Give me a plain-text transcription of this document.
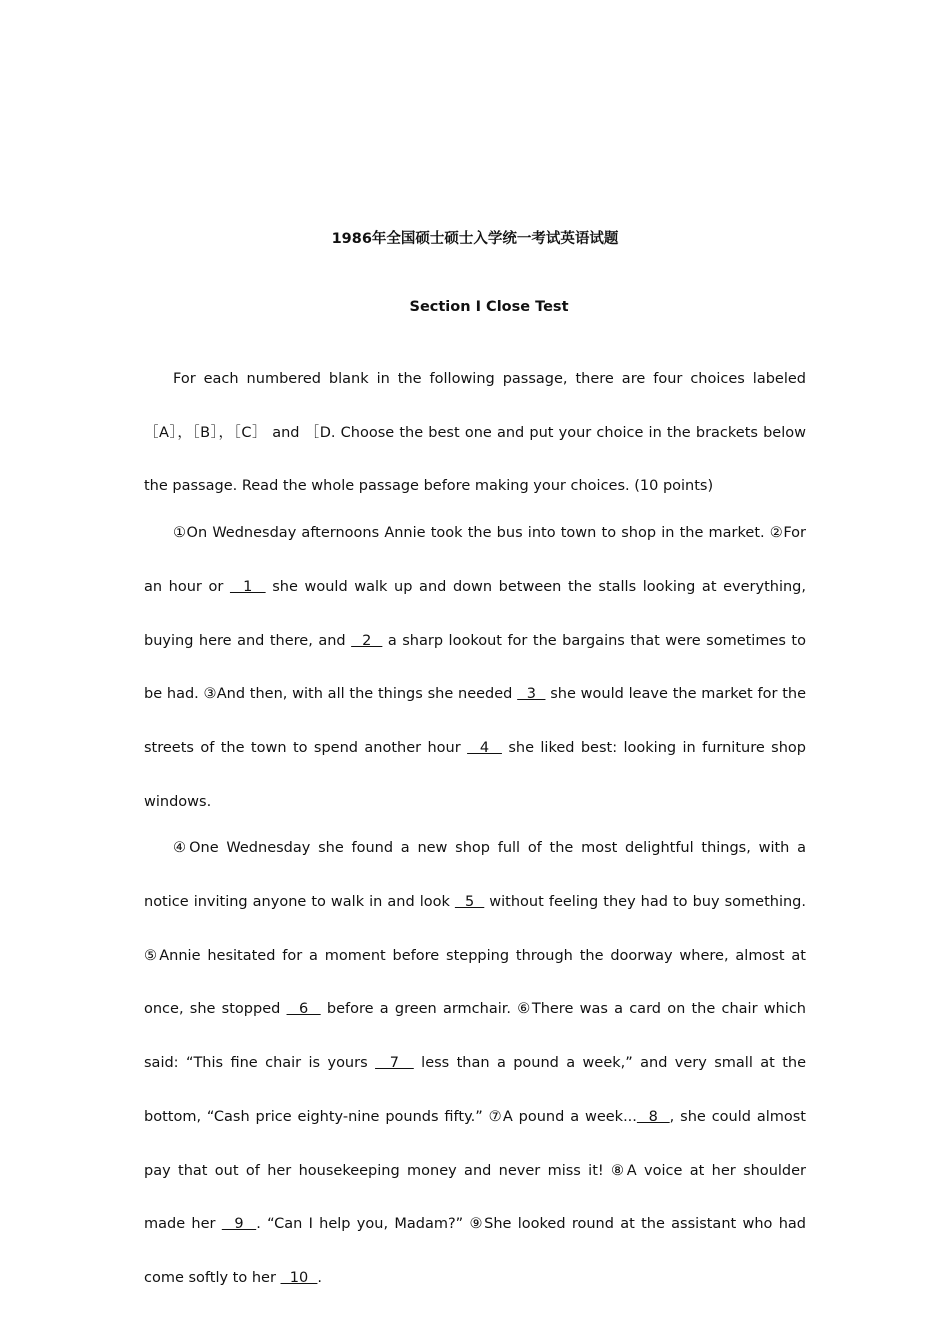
1986年全国硕士硕士入学统一考试英语试题
Section I Close Test

For each numbered blank in the following passage, there are four choices labeled ［A］，［B］，［C］ and ［D. Choose the best one and put your choice in the brackets below the passage. Read the whole passage before making your choices. (10 points)

①On Wednesday afternoons Annie took the bus into town to shop in the market. ②For an hour or   1   she would walk up and down between the stalls looking at everything, buying here and there, and   2   a sharp lookout for the bargains that were sometimes to be had. ③And then, with all the things she needed   3   she would leave the market for the streets of the town to spend another hour   4   she liked best: looking in furniture shop windows.

④One Wednesday she found a new shop full of the most delightful things, with a notice inviting anyone to walk in and look   5   without feeling they had to buy something. ⑤Annie hesitated for a moment before stepping through the doorway where, almost at once, she stopped   6   before a green armchair. ⑥There was a card on the chair which said: “This fine chair is yours   7   less than a pound a week,” and very small at the bottom, “Cash price eighty-nine pounds fifty.” ⑦A pound a week...  8  , she could almost pay that out of her housekeeping money and never miss it! ⑧A voice at her shoulder made her   9  . “Can I help you, Madam?” ⑨She looked round at the assistant who had come softly to her   10  .
